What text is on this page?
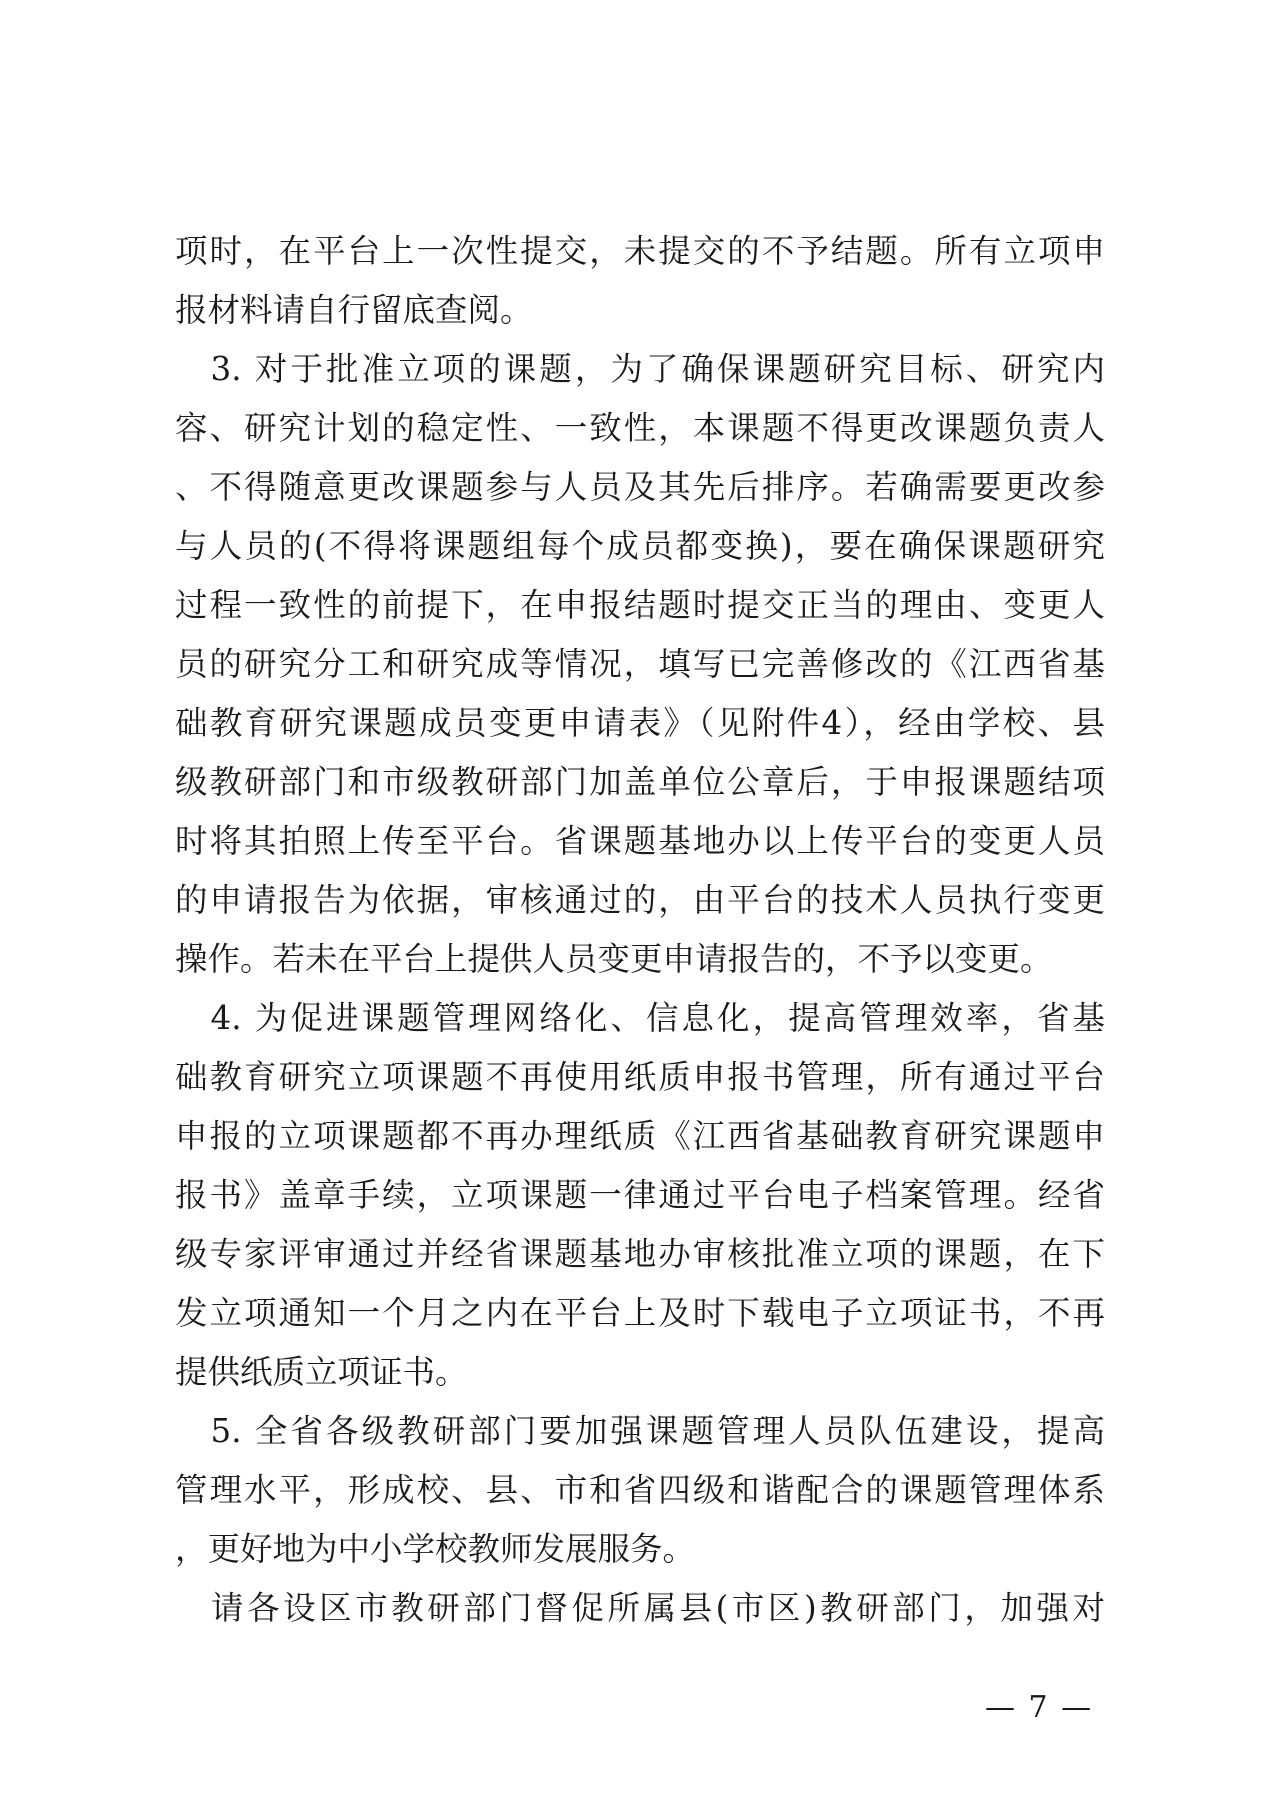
项时，在平台上一次性提交，未提交的不予结题。所有立项申
报材料请自行留底查阅。
　3. 对于批准立项的课题，为了确保课题研究目标、研究内
容、研究计划的稳定性、一致性，本课题不得更改课题负责人
、不得随意更改课题参与人员及其先后排序。若确需要更改参
与人员的(不得将课题组每个成员都变换)，要在确保课题研究
过程一致性的前提下，在申报结题时提交正当的理由、变更人
员的研究分工和研究成等情况，填写已完善修改的《江西省基
础教育研究课题成员变更申请表》（见附件4），经由学校、县
级教研部门和市级教研部门加盖单位公章后，于申报课题结项
时将其拍照上传至平台。省课题基地办以上传平台的变更人员
的申请报告为依据，审核通过的，由平台的技术人员执行变更
操作。若未在平台上提供人员变更申请报告的，不予以变更。
　4. 为促进课题管理网络化、信息化，提高管理效率，省基
础教育研究立项课题不再使用纸质申报书管理，所有通过平台
申报的立项课题都不再办理纸质《江西省基础教育研究课题申
报书》盖章手续，立项课题一律通过平台电子档案管理。经省
级专家评审通过并经省课题基地办审核批准立项的课题，在下
发立项通知一个月之内在平台上及时下载电子立项证书，不再
提供纸质立项证书。
　5. 全省各级教研部门要加强课题管理人员队伍建设，提高
管理水平，形成校、县、市和省四级和谐配合的课题管理体系
，更好地为中小学校教师发展服务。
　请各设区市教研部门督促所属县(市区)教研部门，加强对
— 7 —
